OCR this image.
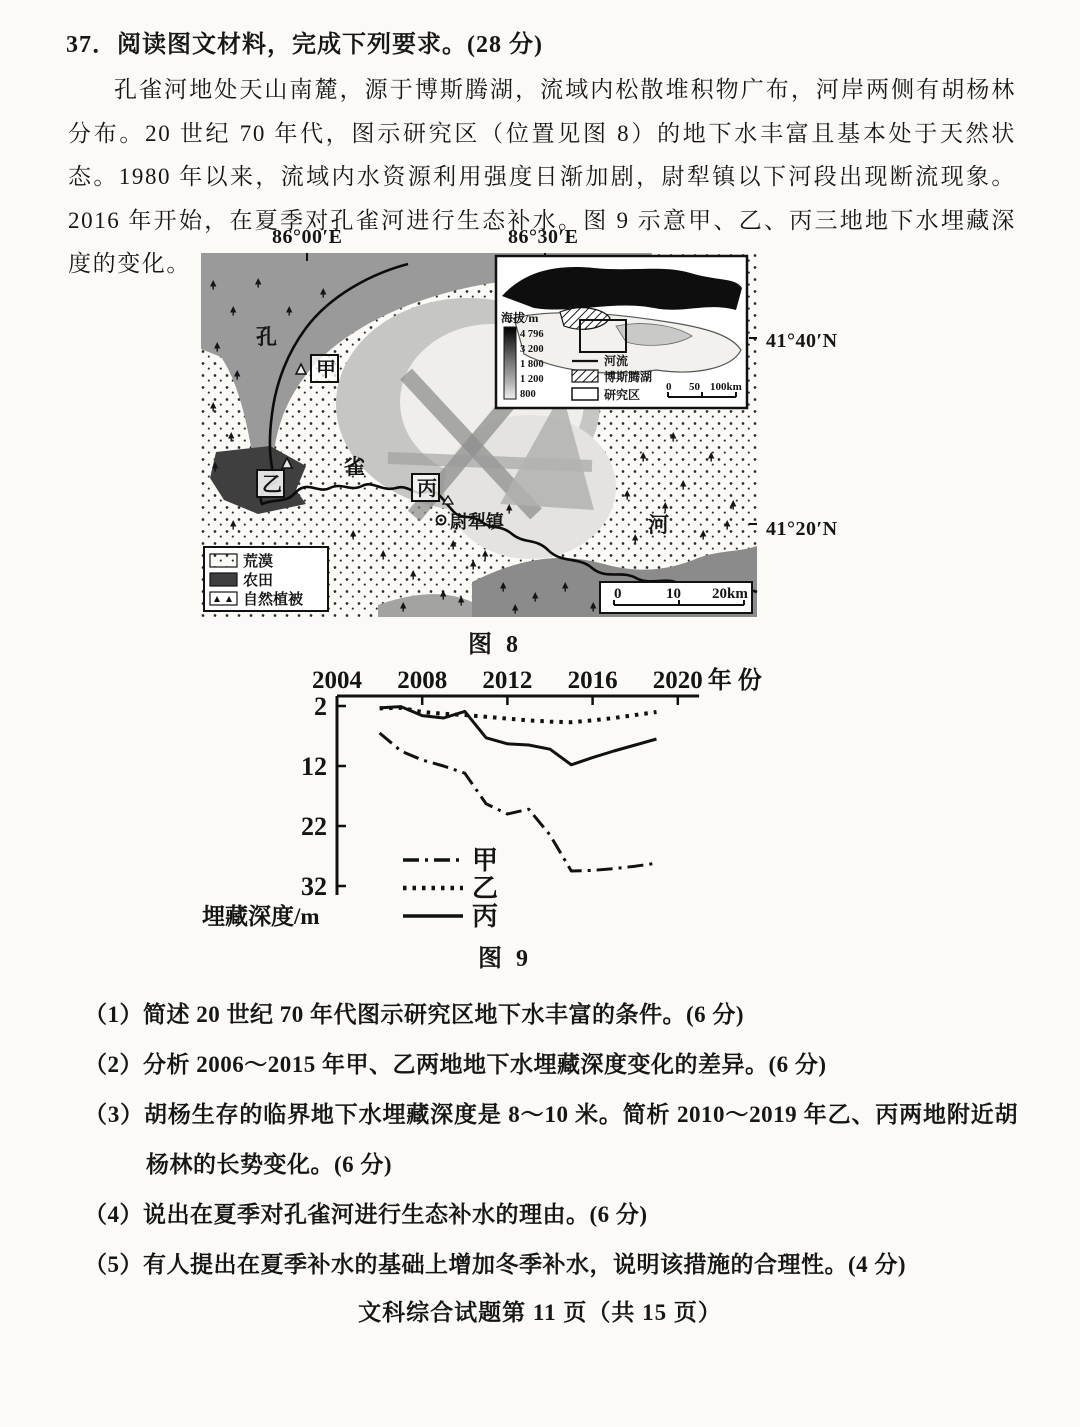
37．阅读图文材料，完成下列要求。(28 分)
孔雀河地处天山南麓，源于博斯腾湖，流域内松散堆积物广布，河岸两侧有胡杨林分布。20 世纪 70 年代，图示研究区（位置见图 8）的地下水丰富且基本处于天然状态。1980 年以来，流域内水资源利用强度日渐加剧，尉犁镇以下河段出现断流现象。2016 年开始，在夏季对孔雀河进行生态补水。图 9 示意甲、乙、丙三地地下水埋藏深度的变化。
86°00′E	86°30′E
41°40′N
41°20′N
孔
雀
河
甲
乙	丙
尉犁镇
荒漠
农田
自然植被	0	10 20km
海拔/m
4 796
3 200
1 800
1 200
800
河流
博斯腾湖
研究区
0 50 100km
图 8
2004 2008 2012 2016 2020 年份
2
12
22
32
埋藏深度/m
甲
乙
丙
图 9
（1）简述 20 世纪 70 年代图示研究区地下水丰富的条件。(6 分)
（2）分析 2006～2015 年甲、乙两地地下水埋藏深度变化的差异。(6 分)
（3）胡杨生存的临界地下水埋藏深度是 8～10 米。简析 2010～2019 年乙、丙两地附近胡杨林的长势变化。(6 分)
（4）说出在夏季对孔雀河进行生态补水的理由。(6 分)
（5）有人提出在夏季补水的基础上增加冬季补水，说明该措施的合理性。(4 分)
文科综合试题第 11 页（共 15 页）
